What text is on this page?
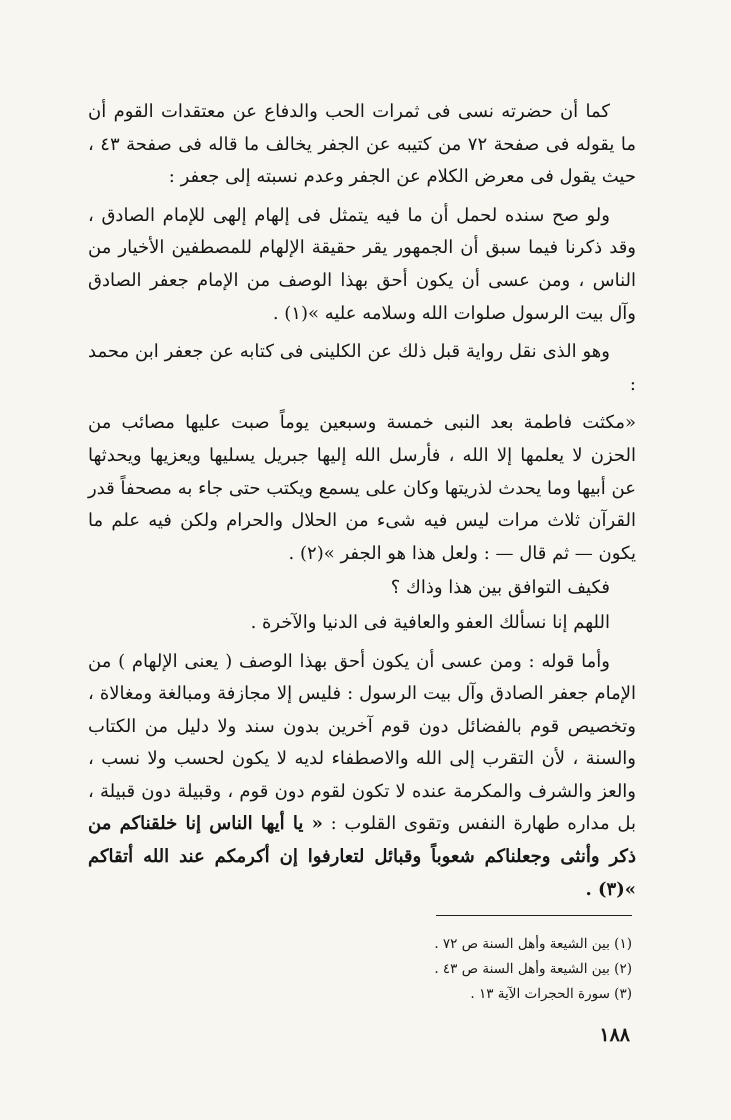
كما أن حضرته نسى فى ثمرات الحب والدفاع عن معتقدات القوم أن ما يقوله فى صفحة ٧٢ من كتيبه عن الجفر يخالف ما قاله فى صفحة ٤٣ ، حيث يقول فى معرض الكلام عن الجفر وعدم نسبته إلى جعفر :

ولو صح سنده لحمل أن ما فيه يتمثل فى إلهام إلهى للإمام الصادق ، وقد ذكرنا فيما سبق أن الجمهور يقر حقيقة الإلهام للمصطفين الأخيار من الناس ، ومن عسى أن يكون أحق بهذا الوصف من الإمام جعفر الصادق وآل بيت الرسول صلوات الله وسلامه عليه »(١) .

وهو الذى نقل رواية قبل ذلك عن الكلينى فى كتابه عن جعفر ابن محمد :

«مكثت فاطمة بعد النبى خمسة وسبعين يوماً صبت عليها مصائب من الحزن لا يعلمها إلا الله ، فأرسل الله إليها جبريل يسليها ويعزيها ويحدثها عن أبيها وما يحدث لذريتها وكان على يسمع ويكتب حتى جاء به مصحفاً قدر القرآن ثلاث مرات ليس فيه شىء من الحلال والحرام ولكن فيه علم ما يكون — ثم قال — : ولعل هذا هو الجفر »(٢) .

فكيف التوافق بين هذا وذاك ؟

اللهم إنا نسألك العفو والعافية فى الدنيا والآخرة .

وأما قوله : ومن عسى أن يكون أحق بهذا الوصف ( يعنى الإلهام ) من الإمام جعفر الصادق وآل بيت الرسول : فليس إلا مجازفة ومبالغة ومغالاة ، وتخصيص قوم بالفضائل دون قوم آخرين بدون سند ولا دليل من الكتاب والسنة ، لأن التقرب إلى الله والاصطفاء لديه لا يكون لحسب ولا نسب ، والعز والشرف والمكرمة عنده لا تكون لقوم دون قوم ، وقبيلة دون قبيلة ، بل مداره طهارة النفس وتقوى القلوب : « يا أيها الناس إنا خلقناكم من ذكر وأنثى وجعلناكم شعوباً وقبائل لتعارفوا إن أكرمكم عند الله أتقاكم »(٣) .

(١) بين الشيعة وأهل السنة ص ٧٢ .

(٢) بين الشيعة وأهل السنة ص ٤٣ .

(٣) سورة الحجرات الآية ١٣ .

١٨٨
